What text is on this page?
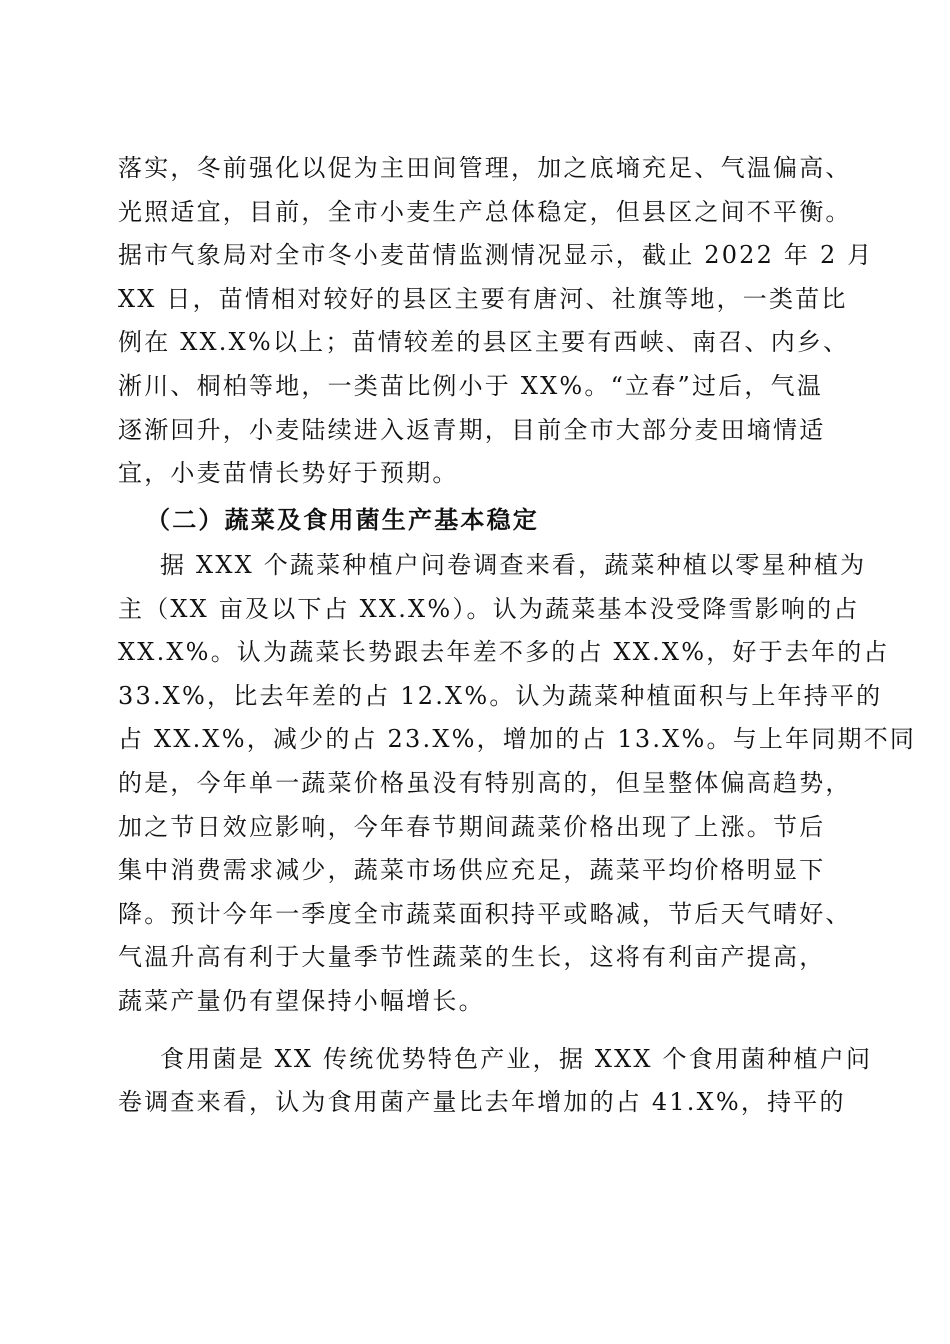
落实，冬前强化以促为主田间管理，加之底墒充足、气温偏高、
光照适宜，目前，全市小麦生产总体稳定，但县区之间不平衡。
据市气象局对全市冬小麦苗情监测情况显示，截止 2022 年 2 月
XX 日，苗情相对较好的县区主要有唐河、社旗等地，一类苗比
例在 XX.X%以上；苗情较差的县区主要有西峡、南召、内乡、
淅川、桐柏等地，一类苗比例小于 XX%。“立春”过后，气温
逐渐回升，小麦陆续进入返青期，目前全市大部分麦田墒情适
宜，小麦苗情长势好于预期。
（二）蔬菜及食用菌生产基本稳定
据 XXX 个蔬菜种植户问卷调查来看，蔬菜种植以零星种植为
主（XX 亩及以下占 XX.X%）。认为蔬菜基本没受降雪影响的占
XX.X%。认为蔬菜长势跟去年差不多的占 XX.X%，好于去年的占
33.X%，比去年差的占 12.X%。认为蔬菜种植面积与上年持平的
占 XX.X%，减少的占 23.X%，增加的占 13.X%。与上年同期不同
的是，今年单一蔬菜价格虽没有特别高的，但呈整体偏高趋势，
加之节日效应影响，今年春节期间蔬菜价格出现了上涨。节后
集中消费需求减少，蔬菜市场供应充足，蔬菜平均价格明显下
降。预计今年一季度全市蔬菜面积持平或略减，节后天气晴好、
气温升高有利于大量季节性蔬菜的生长，这将有利亩产提高，
蔬菜产量仍有望保持小幅增长。
食用菌是 XX 传统优势特色产业，据 XXX 个食用菌种植户问
卷调查来看，认为食用菌产量比去年增加的占 41.X%，持平的
